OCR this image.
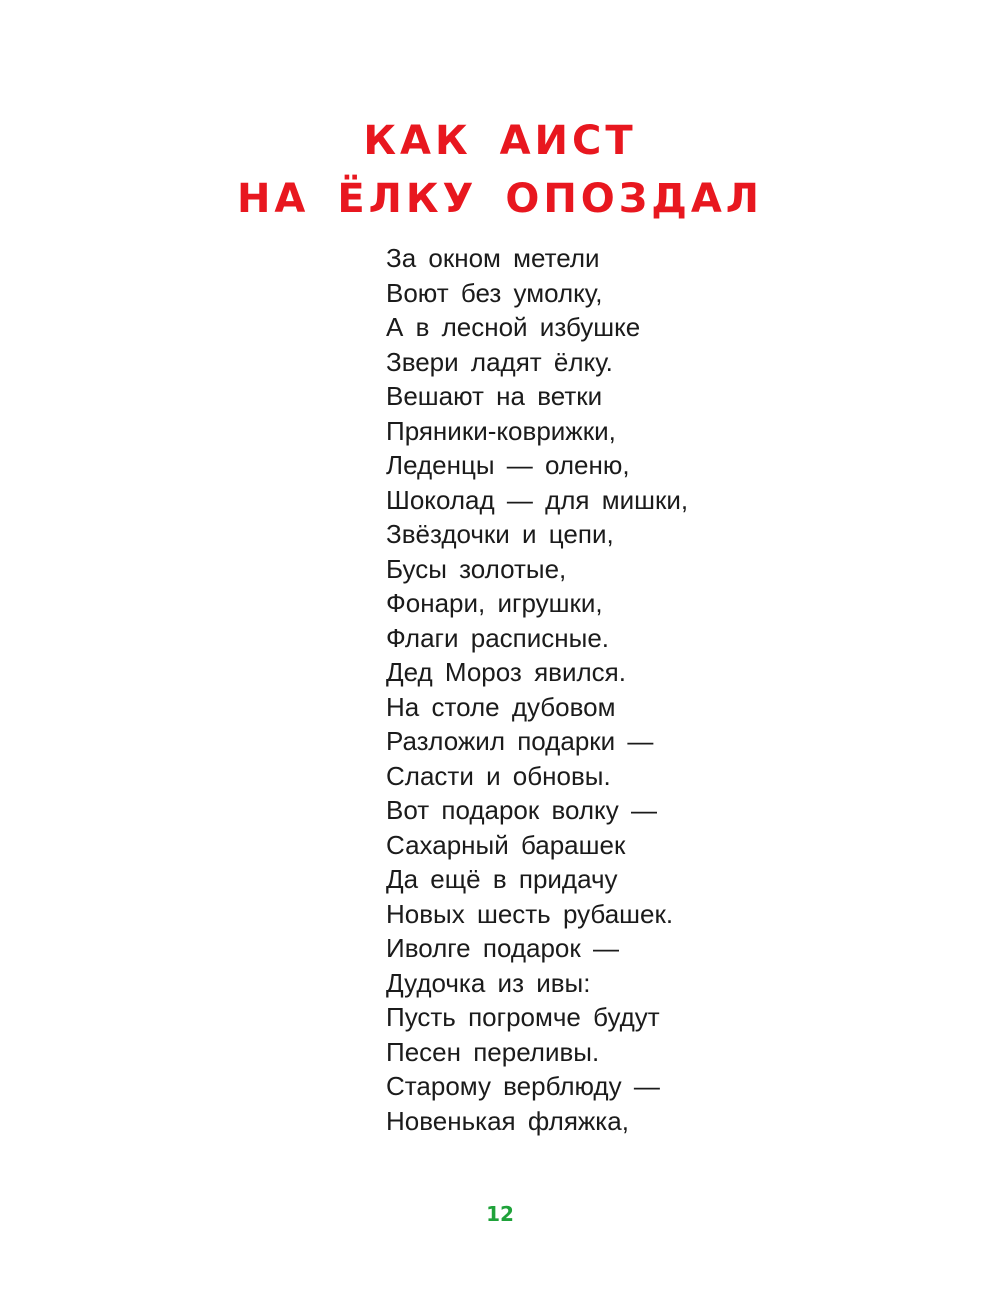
КАК АИСТ
НА ЁЛКУ ОПОЗДАЛ
За окном метели
Воют без умолку,
А в лесной избушке
Звери ладят ёлку.
Вешают на ветки
Пряники-коврижки,
Леденцы — оленю,
Шоколад — для мишки,
Звёздочки и цепи,
Бусы золотые,
Фонари, игрушки,
Флаги расписные.
Дед Мороз явился.
На столе дубовом
Разложил подарки —
Сласти и обновы.
Вот подарок волку —
Сахарный барашек
Да ещё в придачу
Новых шесть рубашек.
Иволге подарок —
Дудочка из ивы:
Пусть погромче будут
Песен переливы.
Старому верблюду —
Новенькая фляжка,
12
